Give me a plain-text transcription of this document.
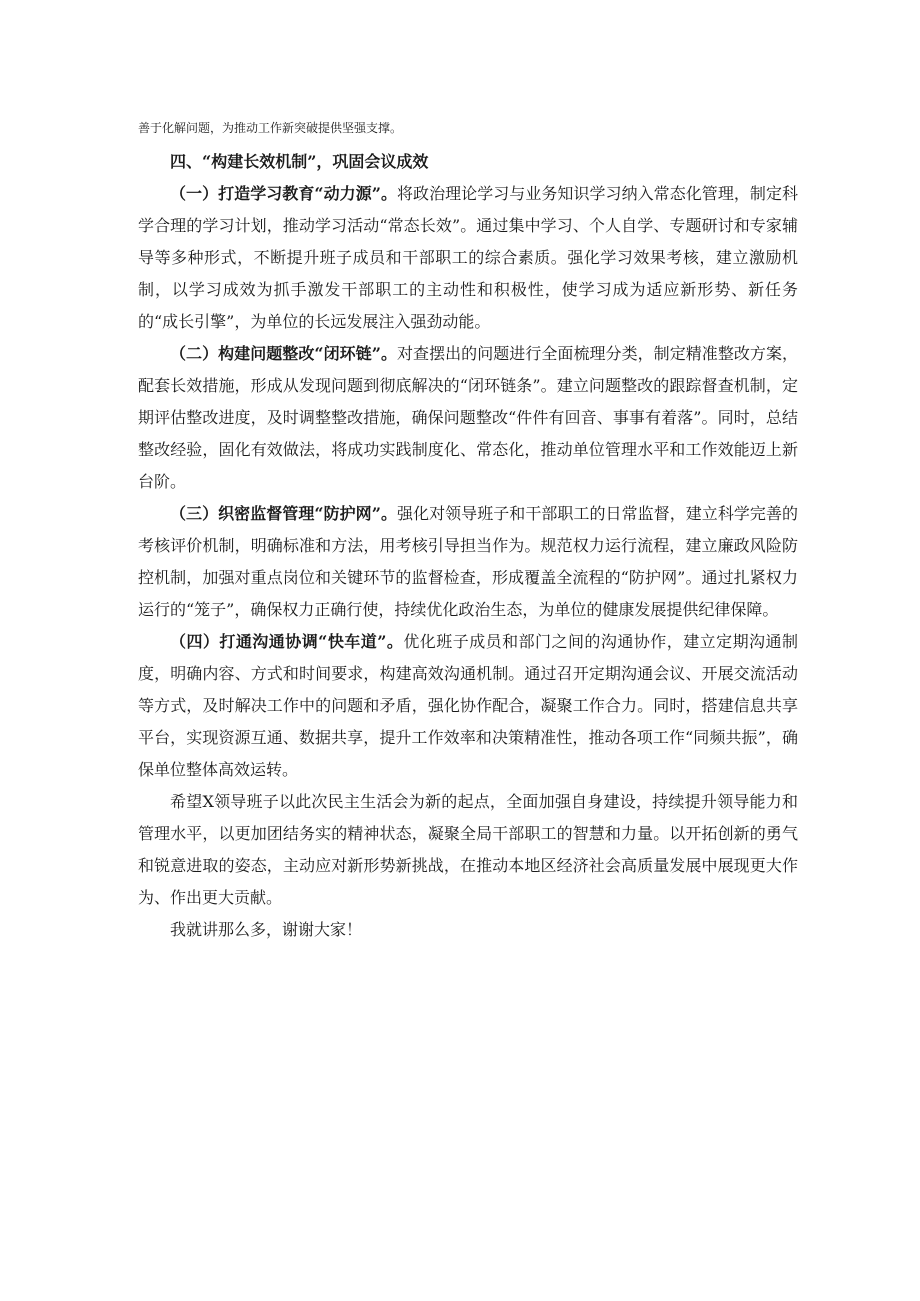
善于化解问题，为推动工作新突破提供坚强支撑。

四、“构建长效机制”，巩固会议成效

（一）打造学习教育“动力源”。将政治理论学习与业务知识学习纳入常态化管理，制定科学合理的学习计划，推动学习活动“常态长效”。通过集中学习、个人自学、专题研讨和专家辅导等多种形式，不断提升班子成员和干部职工的综合素质。强化学习效果考核，建立激励机制，以学习成效为抓手激发干部职工的主动性和积极性，使学习成为适应新形势、新任务的“成长引擎”，为单位的长远发展注入强劲动能。

（二）构建问题整改“闭环链”。对查摆出的问题进行全面梳理分类，制定精准整改方案，配套长效措施，形成从发现问题到彻底解决的“闭环链条”。建立问题整改的跟踪督查机制，定期评估整改进度，及时调整整改措施，确保问题整改“件件有回音、事事有着落”。同时，总结整改经验，固化有效做法，将成功实践制度化、常态化，推动单位管理水平和工作效能迈上新台阶。

（三）织密监督管理“防护网”。强化对领导班子和干部职工的日常监督，建立科学完善的考核评价机制，明确标准和方法，用考核引导担当作为。规范权力运行流程，建立廉政风险防控机制，加强对重点岗位和关键环节的监督检查，形成覆盖全流程的“防护网”。通过扎紧权力运行的“笼子”，确保权力正确行使，持续优化政治生态，为单位的健康发展提供纪律保障。

（四）打通沟通协调“快车道”。优化班子成员和部门之间的沟通协作，建立定期沟通制度，明确内容、方式和时间要求，构建高效沟通机制。通过召开定期沟通会议、开展交流活动等方式，及时解决工作中的问题和矛盾，强化协作配合，凝聚工作合力。同时，搭建信息共享平台，实现资源互通、数据共享，提升工作效率和决策精准性，推动各项工作“同频共振”，确保单位整体高效运转。

希望X领导班子以此次民主生活会为新的起点，全面加强自身建设，持续提升领导能力和管理水平，以更加团结务实的精神状态，凝聚全局干部职工的智慧和力量。以开拓创新的勇气和锐意进取的姿态，主动应对新形势新挑战，在推动本地区经济社会高质量发展中展现更大作为、作出更大贡献。

我就讲那么多，谢谢大家！
